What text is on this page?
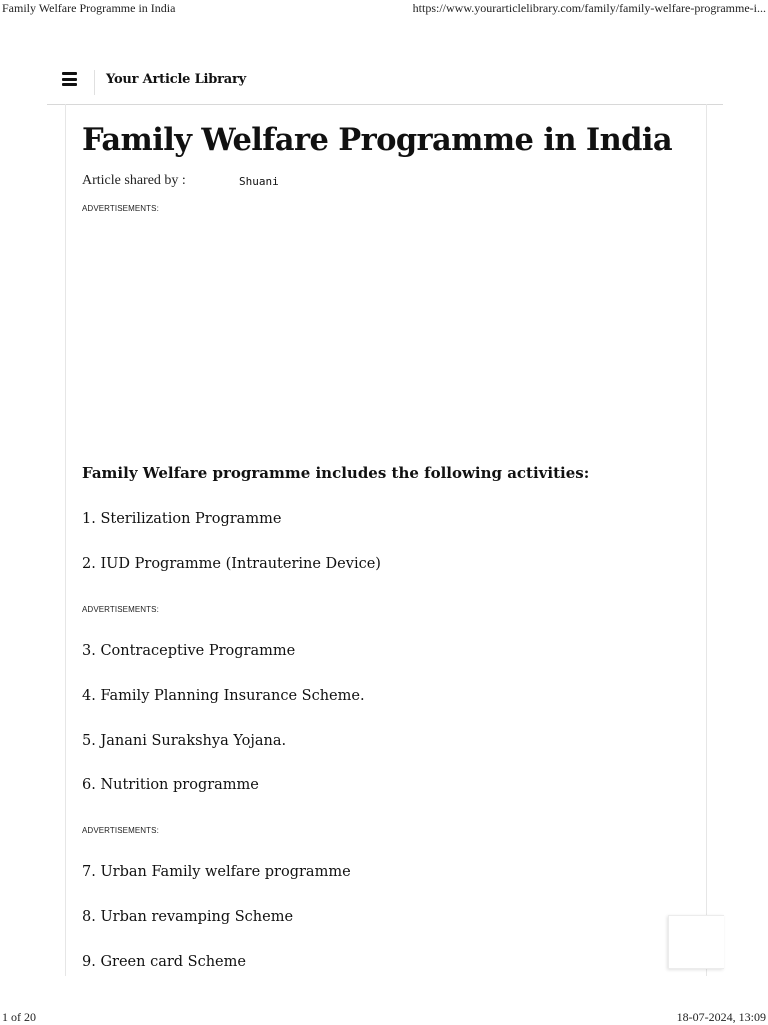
Family Welfare Programme in India	https://www.yourarticlelibrary.com/family/family-welfare-programme-i...
Your Article Library
Family Welfare Programme in India
Article shared by :	Shuani
ADVERTISEMENTS:

Family Welfare programme includes the following activities:

1. Sterilization Programme

2. IUD Programme (Intrauterine Device)

ADVERTISEMENTS:

3. Contraceptive Programme

4. Family Planning Insurance Scheme.

5. Janani Surakshya Yojana.

6. Nutrition programme

ADVERTISEMENTS:

7. Urban Family welfare programme

8. Urban revamping Scheme

9. Green card Scheme

1 of 20	18-07-2024, 13:09
